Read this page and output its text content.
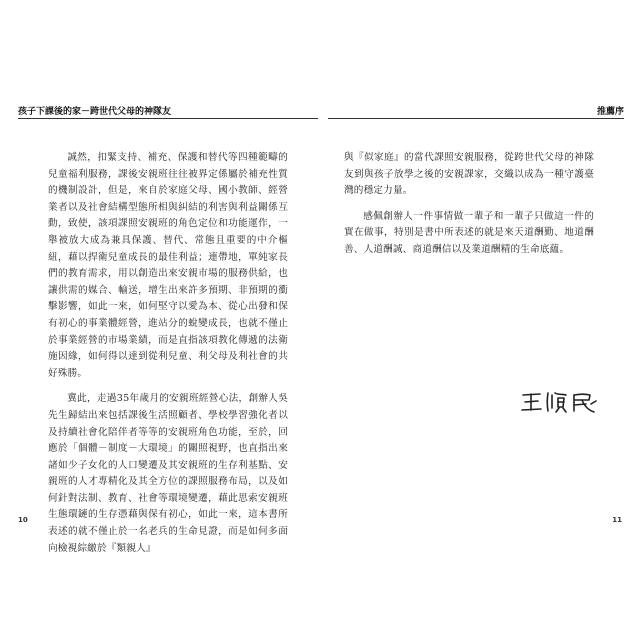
孩子下課後的家－跨世代父母的神隊友	推薦序

誠然，扣緊支持、補充、保護和替代等四種範疇的兒童福利服務，課後安親班往往被界定係屬於補充性質的機制設計，但是，來自於家庭父母、國小教師、經營業者以及社會結構型態所相與糾結的利害與利益關係互動，致使，該項課照安親班的角色定位和功能運作，一舉被放大成為兼具保護、替代、常態且重要的中介樞紐，藉以捍衛兒童成長的最佳利益；連帶地，單純家長們的教育需求，用以創造出來安親市場的服務供給，也讓供需的媒合、輸送，增生出來許多預期、非預期的衝擊影響，如此一來，如何堅守以愛為本、從心出發和保有初心的事業體經營，進站分的蛻變成長，也就不僅止於事業經營的市場業績，而是直指該項教化傳遞的法衛施因緣，如何得以達到從利兒童、利父母及利社會的共好殊勝。

冀此，走過35年歲月的安親班經營心法，創辦人吳先生歸結出來包括課後生活照顧者、學校學習強化者以及持續社會化陪伴者等等的安親班角色功能，至於，回應於「個體－制度－大環境」的關照視野，也直指出來諸如少子女化的人口變遷及其安親班的生存利基點、安親班的人才專精化及其全方位的課照服務布局，以及如何針對法制、教育、社會等環境變遷，藉此思索安親班生態環鏈的生存憑藉與保有初心，如此一來，這本書所表述的就不僅止於一名老兵的生命見證，而是如何多面向檢視綜繳於『類親人』

與『似家庭』的當代課照安親服務，從跨世代父母的神隊友到與孩子放學之後的安親課家，交織以成為一種守護臺灣的穩定力量。

感佩創辦人一件事情做一輩子和一輩子只做這一件的實在做事，特別是書中所表述的就是來天道酬勤、地道酬善、人道酬誠、商道酬信以及業道酬精的生命底蘊。

10	11
